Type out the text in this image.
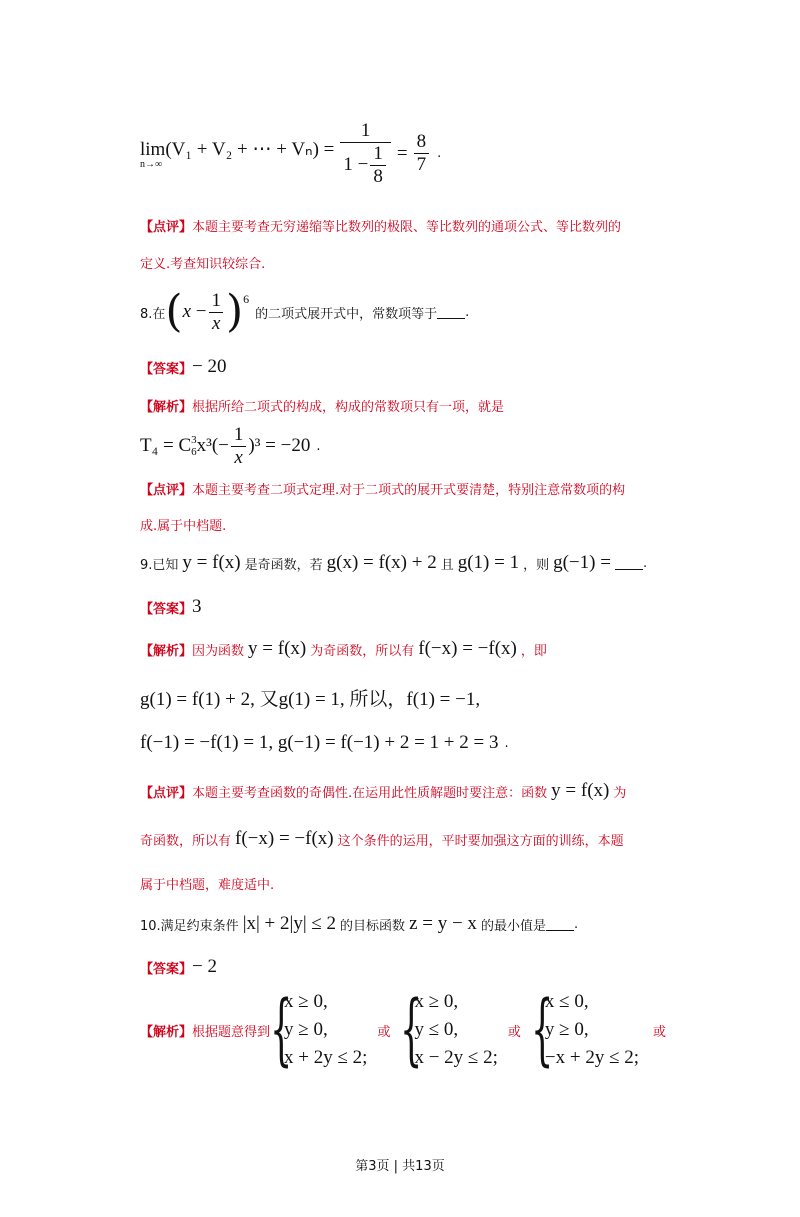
lim(V₁ + V₂ + ⋯ + Vₙ) =
n→∞	$\frac{1}{1 - \frac{1}{8}} = \frac{8}{7}$ .
【点评】本题主要考查无穷递缩等比数列的极限、等比数列的通项公式、等比数列的
定义.考查知识较综合.
8.在 ( $x - \frac{1}{x}$ ) 6
的二项式展开式中，常数项等于 .
【答案】 − 20
【解析】根据所给二项式的构成，构成的常数项只有一项，就是
T₄ = C 3
6 $x^3(- \frac{1}{x} )^3 = -20$ .
【点评】本题主要考查二项式定理.对于二项式的展开式要清楚，特别注意常数项的构
成.属于中档题.
9.已知 y = f(x) 是奇函数，若 g(x) = f(x) + 2 且 g(1) = 1 ，则 g(−1) = .
【答案】 3
【解析】 因为函数 y = f(x) 为奇函数，所以有 f(−x) = −f(x) ，即
g(1) = f(1) + 2, 又g(1) = 1, 所以，f(1) = −1,
f(−1) = −f(1) = 1, g(−1) = f(−1) + 2 = 1 + 2 = 3 .
【点评】 本题主要考查函数的奇偶性.在运用此性质解题时要注意：函数 y = f(x) 为
奇函数，所以有 f(−x) = −f(x) 这个条件的运用，平时要加强这方面的训练，本题
属于中档题，难度适中.
10.满足约束条件 |x| + 2|y| ≤ 2 的目标函数 z = y − x 的最小值是 .
【答案】 − 2
【解析】 根据题意得到 {
x ≥ 0,
y ≥ 0,
x + 2y ≤ 2;
或 {
x ≥ 0,
y ≤ 0,
x − 2y ≤ 2;
或 {
x ≤ 0,
y ≥ 0,
−x + 2y ≤ 2;
或
第3页 | 共13页
